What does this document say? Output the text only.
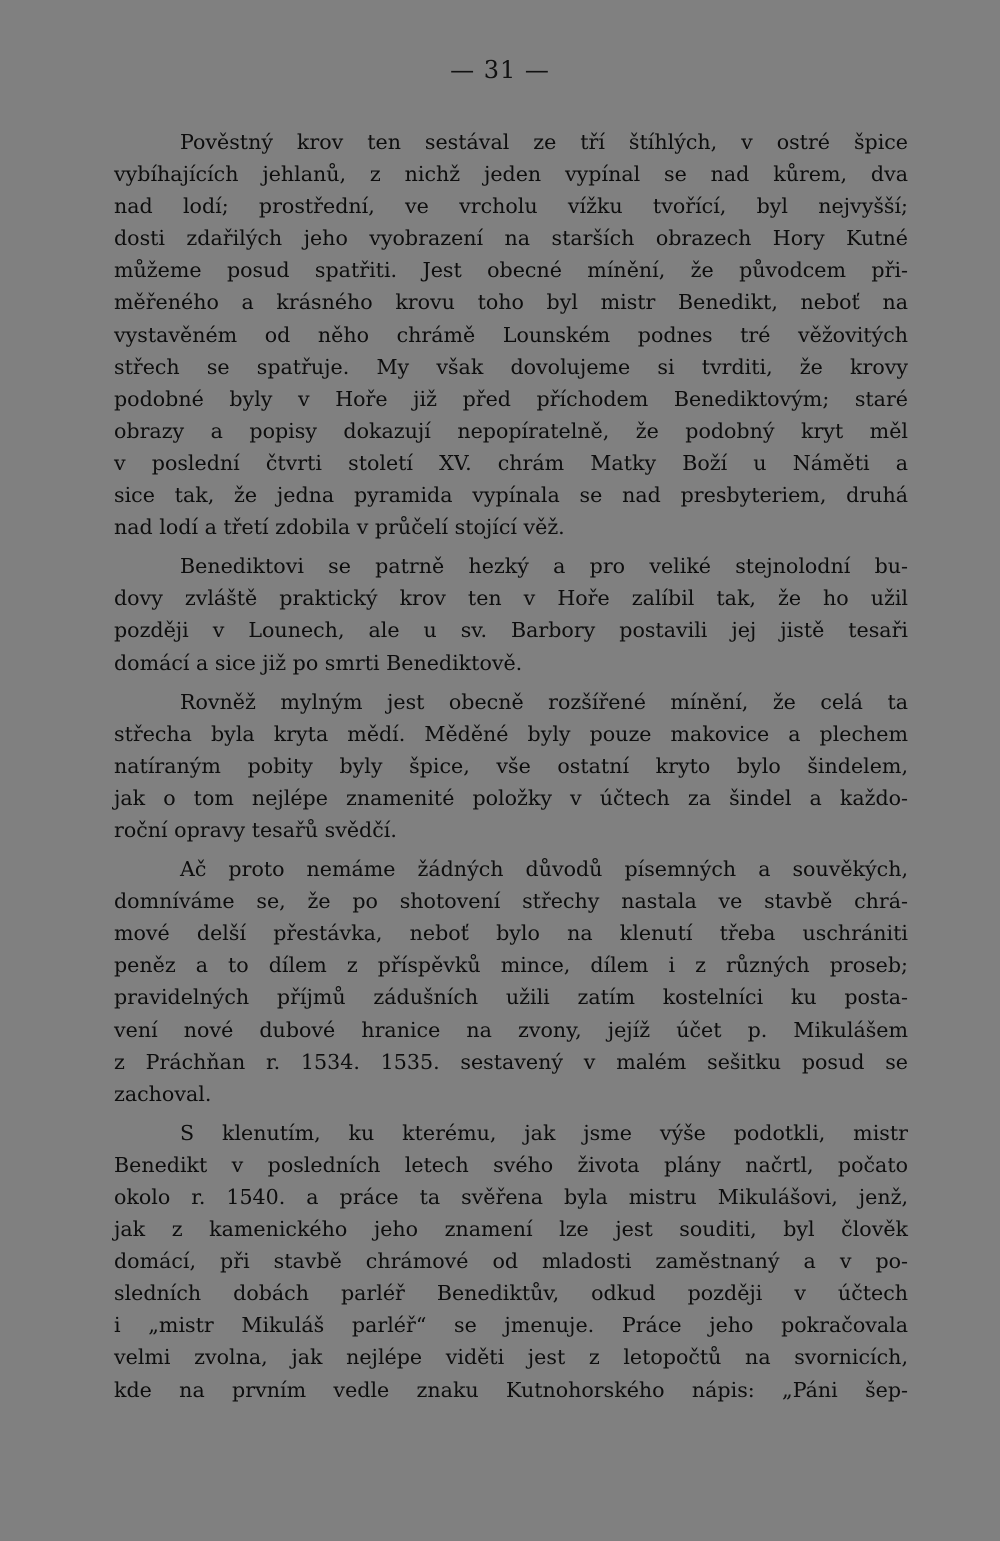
— 31 —
Pověstný krov ten sestával ze tří štíhlých, v ostré špice
vybíhajících jehlanů, z nichž jeden vypínal se nad kůrem, dva
nad lodí; prostřední, ve vrcholu vížku tvořící, byl nejvyšší;
dosti zdařilých jeho vyobrazení na starších obrazech Hory Kutné
můžeme posud spatřiti. Jest obecné mínění, že původcem při-
měřeného a krásného krovu toho byl mistr Benedikt, neboť na
vystavěném od něho chrámě Lounském podnes tré věžovitých
střech se spatřuje. My však dovolujeme si tvrditi, že krovy
podobné byly v Hoře již před příchodem Benediktovým; staré
obrazy a popisy dokazují nepopíratelně, že podobný kryt měl
v poslední čtvrti století XV. chrám Matky Boží u Náměti a
sice tak, že jedna pyramida vypínala se nad presbyteriem, druhá
nad lodí a třetí zdobila v průčelí stojící věž.
Benediktovi se patrně hezký a pro veliké stejnolodní bu-
dovy zvláště praktický krov ten v Hoře zalíbil tak, že ho užil
později v Lounech, ale u sv. Barbory postavili jej jistě tesaři
domácí a sice již po smrti Benediktově.
Rovněž mylným jest obecně rozšířené mínění, že celá ta
střecha byla kryta mědí. Měděné byly pouze makovice a plechem
natíraným pobity byly špice, vše ostatní kryto bylo šindelem,
jak o tom nejlépe znamenité položky v účtech za šindel a každo-
roční opravy tesařů svědčí.
Ač proto nemáme žádných důvodů písemných a souvěkých,
domníváme se, že po shotovení střechy nastala ve stavbě chrá-
mové delší přestávka, neboť bylo na klenutí třeba uschrániti
peněz a to dílem z příspěvků mince, dílem i z různých proseb;
pravidelných příjmů zádušních užili zatím kostelníci ku posta-
vení nové dubové hranice na zvony, jejíž účet p. Mikulášem
z Práchňan r. 1534. 1535. sestavený v malém sešitku posud se
zachoval.
S klenutím, ku kterému, jak jsme výše podotkli, mistr
Benedikt v posledních letech svého života plány načrtl, počato
okolo r. 1540. a práce ta svěřena byla mistru Mikulášovi, jenž,
jak z kamenického jeho znamení lze jest souditi, byl člověk
domácí, při stavbě chrámové od mladosti zaměstnaný a v po-
sledních dobách parléř Benediktův, odkud později v účtech
i „mistr Mikuláš parléř“ se jmenuje. Práce jeho pokračovala
velmi zvolna, jak nejlépe viděti jest z letopočtů na svornicích,
kde na prvním vedle znaku Kutnohorského nápis: „Páni šep-
